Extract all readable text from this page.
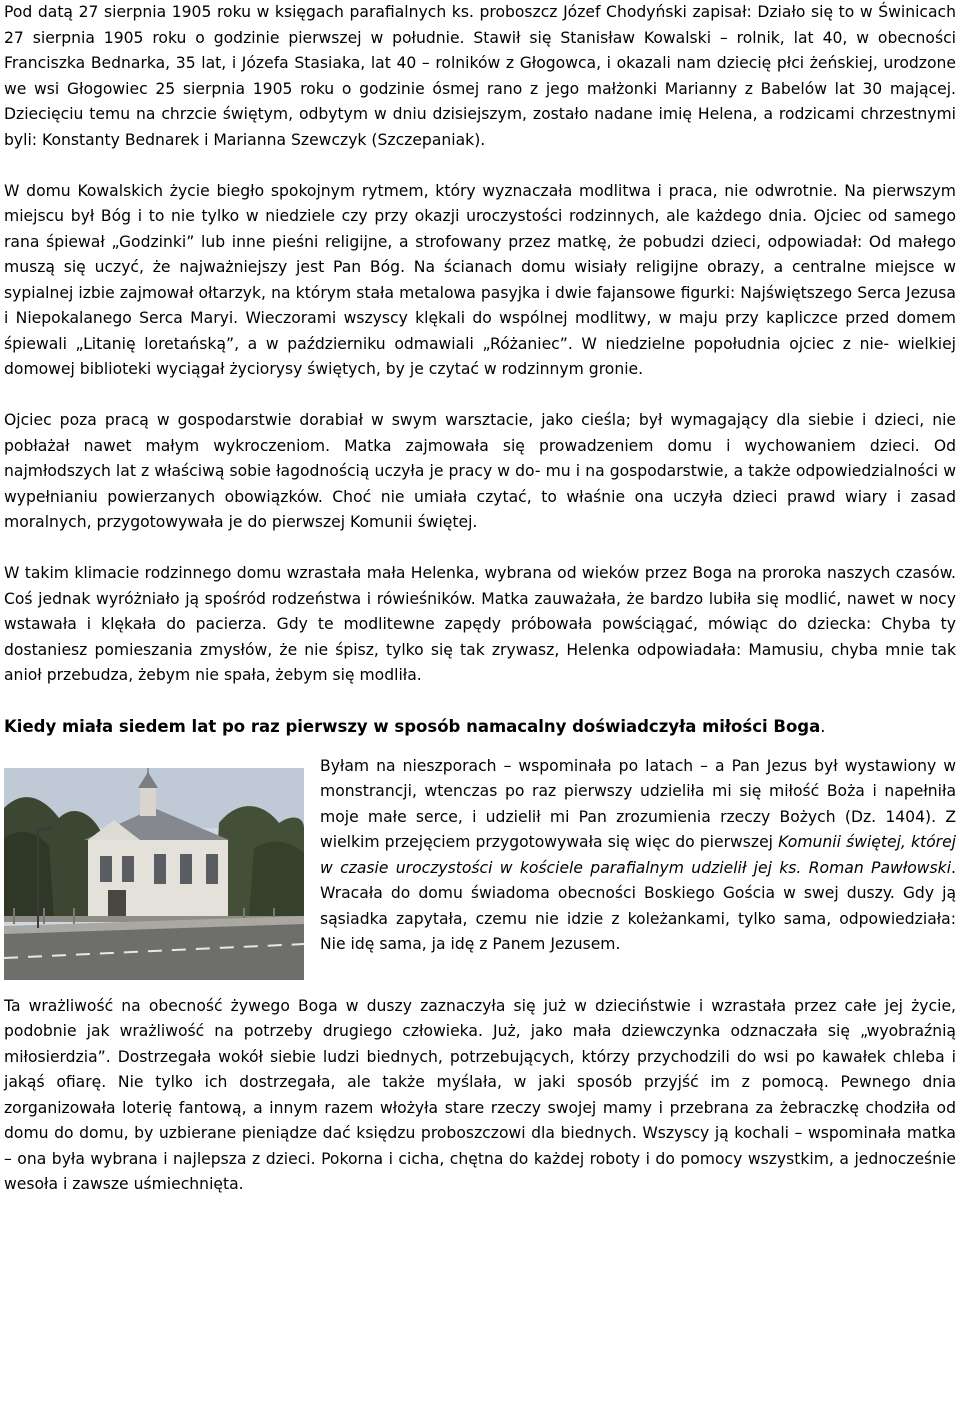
Pod datą 27 sierpnia 1905 roku w księgach parafialnych ks. proboszcz Józef Chodyński zapisał: Działo się to w Świnicach 27 sierpnia 1905 roku o godzinie pierwszej w południe. Stawił się Stanisław Kowalski – rolnik, lat 40, w obecności Franciszka Bednarka, 35 lat, i Józefa Stasiaka, lat 40 – rolników z Głogowca, i okazali nam dziecię płci żeńskiej, urodzone we wsi Głogowiec 25 sierpnia 1905 roku o godzinie ósmej rano z jego małżonki Marianny z Babelów lat 30 mającej. Dziecięciu temu na chrzcie świętym, odbytym w dniu dzisiejszym, zostało nadane imię Helena, a rodzicami chrzestnymi byli: Konstanty Bednarek i Marianna Szewczyk (Szczepaniak).

W domu Kowalskich życie biegło spokojnym rytmem, który wyznaczała modlitwa i praca, nie odwrotnie. Na pierwszym miejscu był Bóg i to nie tylko w niedziele czy przy okazji uroczystości rodzinnych, ale każdego dnia. Ojciec od samego rana śpiewał „Godzinki” lub inne pieśni religijne, a strofowany przez matkę, że pobudzi dzieci, odpowiadał: Od małego muszą się uczyć, że najważniejszy jest Pan Bóg. Na ścianach domu wisiały religijne obrazy, a centralne miejsce w sypialnej izbie zajmował ołtarzyk, na którym stała metalowa pasyjka i dwie fajansowe figurki: Najświętszego Serca Jezusa i Niepokalanego Serca Maryi. Wieczorami wszyscy klękali do wspólnej modlitwy, w maju przy kapliczce przed domem śpiewali „Litanię loretańską”, a w październiku odmawiali „Różaniec”. W niedzielne popołudnia ojciec z nie- wielkiej domowej biblioteki wyciągał życiorysy świętych, by je czytać w rodzinnym gronie.

Ojciec poza pracą w gospodarstwie dorabiał w swym warsztacie, jako cieśla; był wymagający dla siebie i dzieci, nie pobłażał nawet małym wykroczeniom. Matka zajmowała się prowadzeniem domu i wychowaniem dzieci. Od najmłodszych lat z właściwą sobie łagodnością uczyła je pracy w do- mu i na gospodarstwie, a także odpowiedzialności w wypełnianiu powierzanych obowiązków. Choć nie umiała czytać, to właśnie ona uczyła dzieci prawd wiary i zasad moralnych, przygotowywała je do pierwszej Komunii świętej.

W takim klimacie rodzinnego domu wzrastała mała Helenka, wybrana od wieków przez Boga na proroka naszych czasów. Coś jednak wyróżniało ją spośród rodzeństwa i rówieśników. Matka zauważała, że bardzo lubiła się modlić, nawet w nocy wstawała i klękała do pacierza. Gdy te modlitewne zapędy próbowała powściągać, mówiąc do dziecka: Chyba ty dostaniesz pomieszania zmysłów, że nie śpisz, tylko się tak zrywasz, Helenka odpowiadała: Mamusiu, chyba mnie tak anioł przebudza, żebym nie spała, żebym się modliła.

Kiedy miała siedem lat po raz pierwszy w sposób namacalny doświadczyła miłości Boga.

Byłam na nieszporach – wspominała po latach – a Pan Jezus był wystawiony w monstrancji, wtenczas po raz pierwszy udzieliła mi się miłość Boża i napełniła moje małe serce, i udzielił mi Pan zrozumienia rzeczy Bożych (Dz. 1404). Z wielkim przejęciem przygotowywała się więc do pierwszej Komunii świętej, której w czasie uroczystości w kościele parafialnym udzielił jej ks. Roman Pawłowski. Wracała do domu świadoma obecności Boskiego Gościa w swej duszy. Gdy ją sąsiadka zapytała, czemu nie idzie z koleżankami, tylko sama, odpowiedziała: Nie idę sama, ja idę z Panem Jezusem.

Ta wrażliwość na obecność żywego Boga w duszy zaznaczyła się już w dzieciństwie i wzrastała przez całe jej życie, podobnie jak wrażliwość na potrzeby drugiego człowieka. Już, jako mała dziewczynka odznaczała się „wyobraźnią miłosierdzia”. Dostrzegała wokół siebie ludzi biednych, potrzebujących, którzy przychodzili do wsi po kawałek chleba i jakąś ofiarę. Nie tylko ich dostrzegała, ale także myślała, w jaki sposób przyjść im z pomocą. Pewnego dnia zorganizowała loterię fantową, a innym razem włożyła stare rzeczy swojej mamy i przebrana za żebraczkę chodziła od domu do domu, by uzbierane pieniądze dać księdzu proboszczowi dla biednych. Wszyscy ją kochali – wspominała matka – ona była wybrana i najlepsza z dzieci. Pokorna i cicha, chętna do każdej roboty i do pomocy wszystkim, a jednocześnie wesoła i zawsze uśmiechnięta.
